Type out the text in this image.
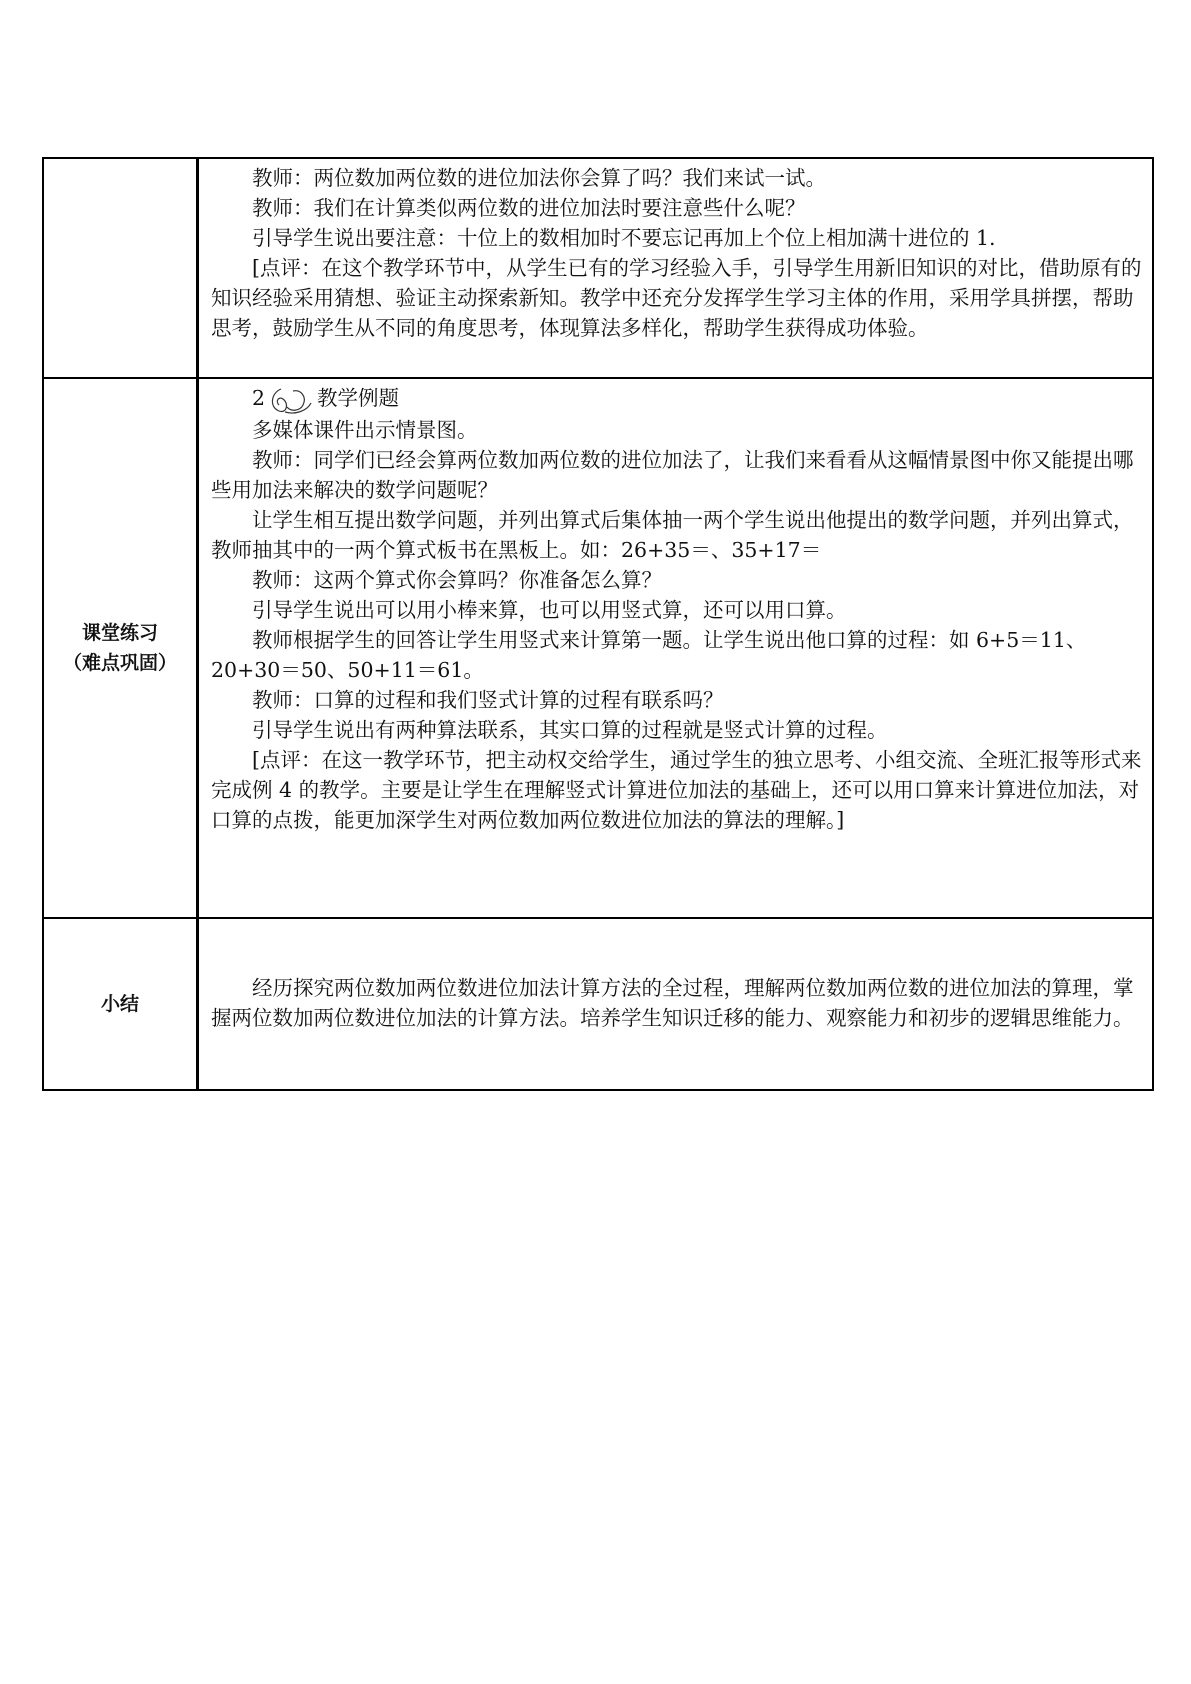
教师：两位数加两位数的进位加法你会算了吗？我们来试一试。

教师：我们在计算类似两位数的进位加法时要注意些什么呢？

引导学生说出要注意：十位上的数相加时不要忘记再加上个位上相加满十进位的 1.

[点评：在这个教学环节中，从学生已有的学习经验入手，引导学生用新旧知识的对比，借助原有的知识经验采用猜想、验证主动探索新知。教学中还充分发挥学生学习主体的作用，采用学具拼摆，帮助思考，鼓励学生从不同的角度思考，体现算法多样化，帮助学生获得成功体验。

课堂练习
（难点巩固）

2	教学例题

多媒体课件出示情景图。

教师：同学们已经会算两位数加两位数的进位加法了，让我们来看看从这幅情景图中你又能提出哪些用加法来解决的数学问题呢？

让学生相互提出数学问题，并列出算式后集体抽一两个学生说出他提出的数学问题，并列出算式，教师抽其中的一两个算式板书在黑板上。如：26+35＝、35+17＝

教师：这两个算式你会算吗？你准备怎么算？

引导学生说出可以用小棒来算，也可以用竖式算，还可以用口算。

教师根据学生的回答让学生用竖式来计算第一题。让学生说出他口算的过程：如 6+5＝11、20+30＝50、50+11＝61。

教师：口算的过程和我们竖式计算的过程有联系吗？

引导学生说出有两种算法联系，其实口算的过程就是竖式计算的过程。

[点评：在这一教学环节，把主动权交给学生，通过学生的独立思考、小组交流、全班汇报等形式来完成例 4 的教学。主要是让学生在理解竖式计算进位加法的基础上，还可以用口算来计算进位加法，对口算的点拨，能更加深学生对两位数加两位数进位加法的算法的理解。]

小结

经历探究两位数加两位数进位加法计算方法的全过程，理解两位数加两位数的进位加法的算理，掌握两位数加两位数进位加法的计算方法。培养学生知识迁移的能力、观察能力和初步的逻辑思维能力。
